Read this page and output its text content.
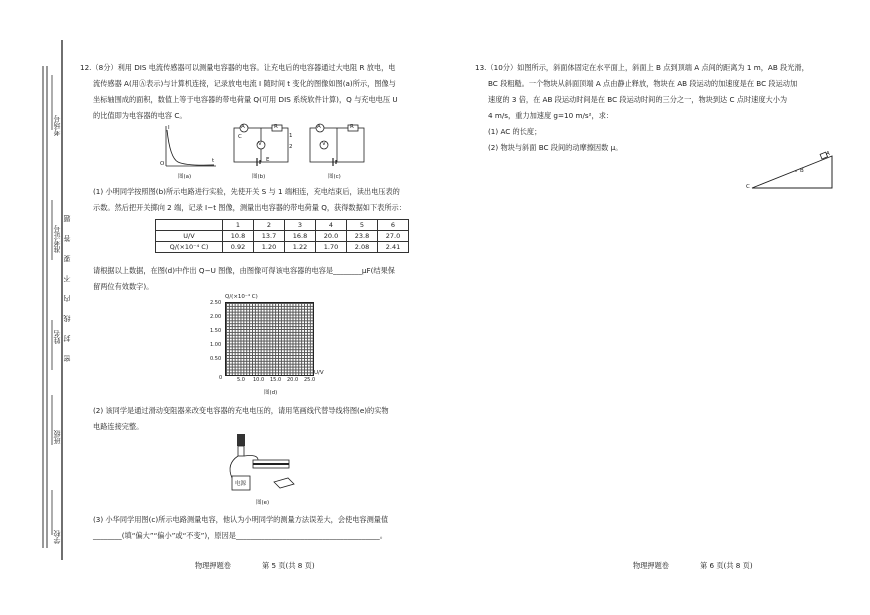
学校
班级
姓名
准考证号
考场号
密
封
线
内
不
要
答
题
12.（8分）利用 DIS 电流传感器可以测量电容器的电容。让充电后的电容器通过大电阻 R 放电，电
流传感器 A(用Ⓐ表示)与计算机连接，记录放电电流 I 随时间 t 变化的图像如图(a)所示，图像与
坐标轴围成的面积，数值上等于电容器的带电荷量 Q(可用 DIS 系统软件计算)，Q 与充电电压 U
的比值即为电容器的电容 C。
I
t
O
图(a)
A
V
C
R
1
2
E
图(b)
A
V
R
图(c)
(1) 小明同学按照图(b)所示电路进行实验，先使开关 S 与 1 端相连，充电结束后，读出电压表的
示数。然后把开关掷向 2 端，记录 I−t 图像，测量出电容器的带电荷量 Q，获得数据如下表所示：
	1	2	3	4	5	6
U/V	10.8	13.7	16.8	20.0	23.8	27.0
Q/(×10⁻⁴ C)	0.92	1.20	1.22	1.70	2.08	2.41
请根据以上数据，在图(d)中作出 Q−U 图像，由图像可得该电容器的电容是________μF(结果保
留两位有效数字)。
Q/(×10⁻⁴ C)
U/V
0
2.50
2.00
1.50
1.00
0.50
5.0 10.0 15.0 20.0 25.0
图(d)
(2) 该同学是通过滑动变阻器来改变电容器的充电电压的，请用笔画线代替导线将图(e)的实物
电路连接完整。
电源
图(e)
(3) 小华同学用图(c)所示电路测量电容，他认为小明同学的测量方法误差大，会使电容测量值
________(填“偏大”“偏小”或“不变”)，原因是________________________________________。
物理押题卷	第 5 页(共 8 页)
13.（10分）如图所示，斜面体固定在水平面上，斜面上 B 点到顶端 A 点间的距离为 1 m，AB 段光滑，
BC 段粗糙。一个物块从斜面顶端 A 点由静止释放，物块在 AB 段运动的加速度是在 BC 段运动加
速度的 3 倍，在 AB 段运动时间是在 BC 段运动时间的三分之一，物块到达 C 点时速度大小为
4 m/s，重力加速度 g=10 m/s²，求：
(1) AC 的长度；
(2) 物块与斜面 BC 段间的动摩擦因数 μ。
A
B
C
物理押题卷	第 6 页(共 8 页)
